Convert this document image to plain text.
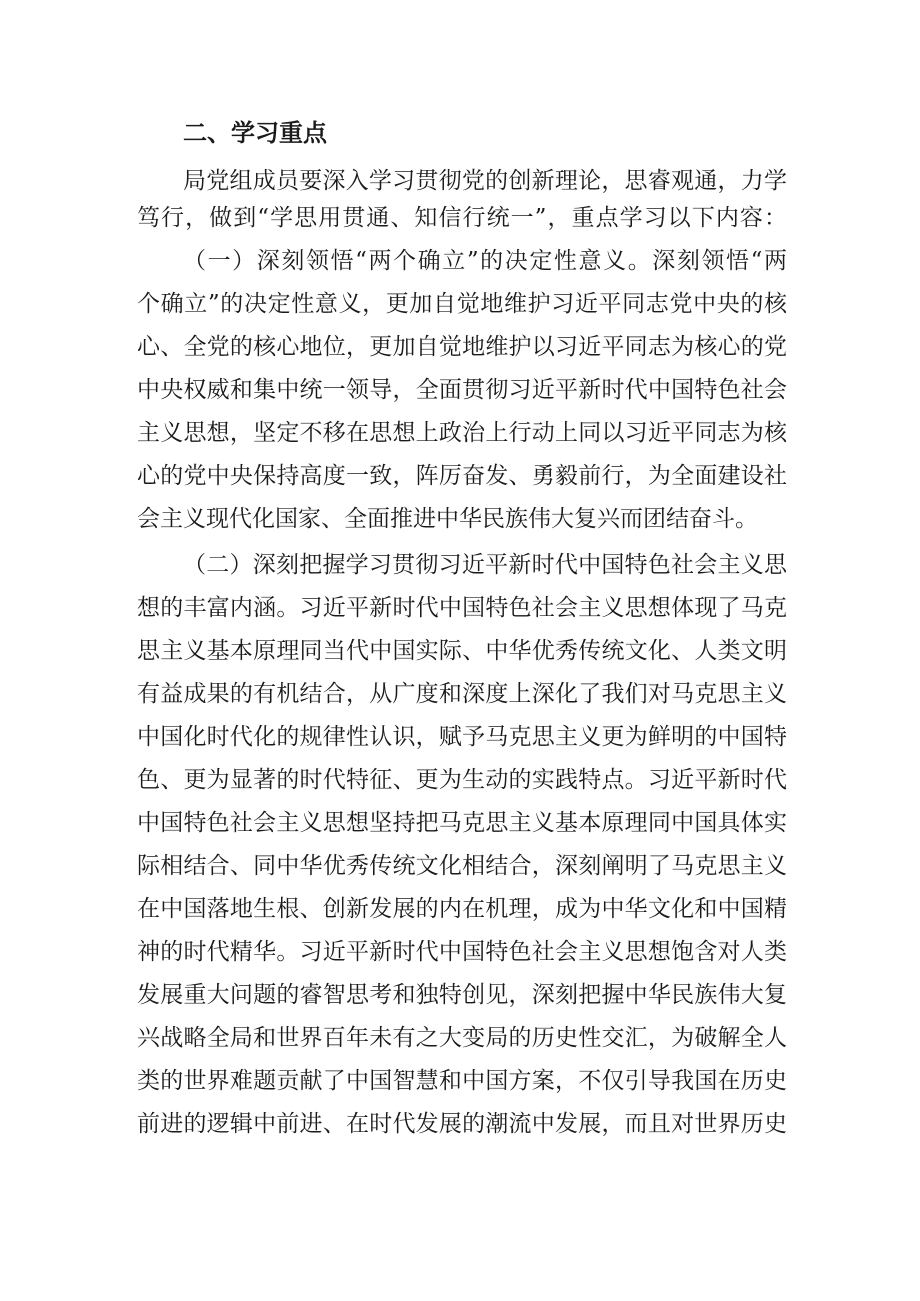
二、学习重点
局党组成员要深入学习贯彻党的创新理论，思睿观通，力学
笃行，做到“学思用贯通、知信行统一”，重点学习以下内容：
（一）深刻领悟“两个确立”的决定性意义。深刻领悟“两
个确立”的决定性意义，更加自觉地维护习近平同志党中央的核
心、全党的核心地位，更加自觉地维护以习近平同志为核心的党
中央权威和集中统一领导，全面贯彻习近平新时代中国特色社会
主义思想，坚定不移在思想上政治上行动上同以习近平同志为核
心的党中央保持高度一致，阵厉奋发、勇毅前行，为全面建设社
会主义现代化国家、全面推进中华民族伟大复兴而团结奋斗。
（二）深刻把握学习贯彻习近平新时代中国特色社会主义思
想的丰富内涵。习近平新时代中国特色社会主义思想体现了马克
思主义基本原理同当代中国实际、中华优秀传统文化、人类文明
有益成果的有机结合，从广度和深度上深化了我们对马克思主义
中国化时代化的规律性认识，赋予马克思主义更为鲜明的中国特
色、更为显著的时代特征、更为生动的实践特点。习近平新时代
中国特色社会主义思想坚持把马克思主义基本原理同中国具体实
际相结合、同中华优秀传统文化相结合，深刻阐明了马克思主义
在中国落地生根、创新发展的内在机理，成为中华文化和中国精
神的时代精华。习近平新时代中国特色社会主义思想饱含对人类
发展重大问题的睿智思考和独特创见，深刻把握中华民族伟大复
兴战略全局和世界百年未有之大变局的历史性交汇，为破解全人
类的世界难题贡献了中国智慧和中国方案，不仅引导我国在历史
前进的逻辑中前进、在时代发展的潮流中发展，而且对世界历史
